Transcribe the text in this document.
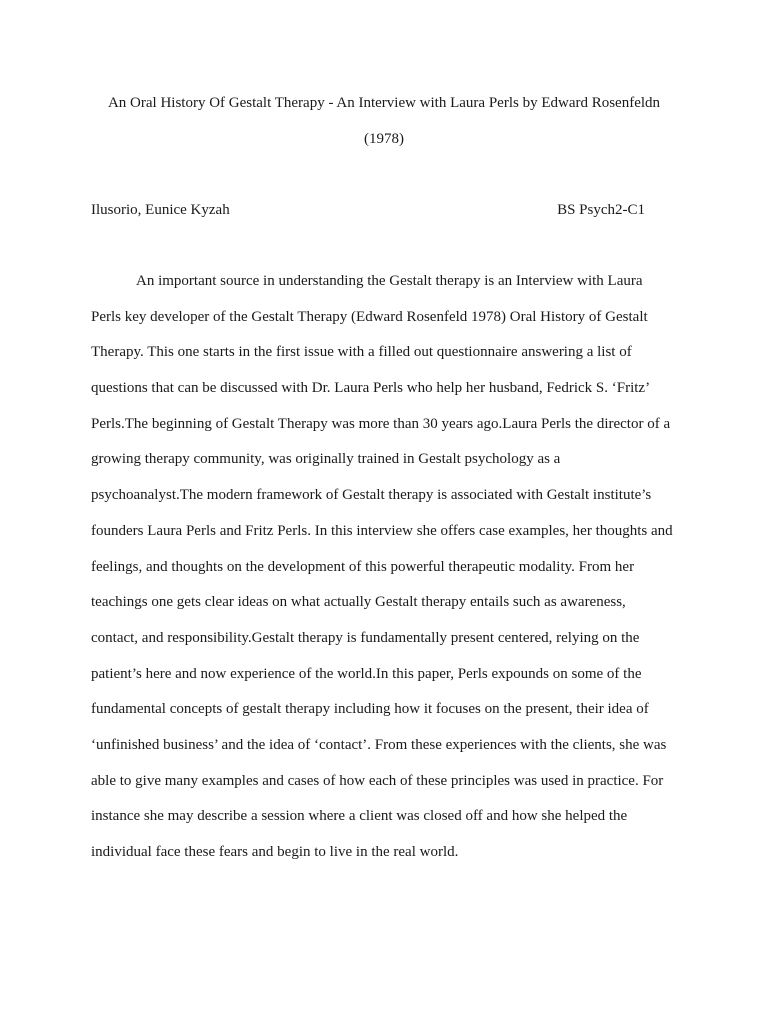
An Oral History Of Gestalt Therapy - An Interview with Laura Perls by Edward Rosenfeldn
(1978)
Ilusorio, Eunice Kyzah	BS Psych2-C1
An important source in understanding the Gestalt therapy is an Interview with Laura
Perls key developer of the Gestalt Therapy (Edward Rosenfeld 1978) Oral History of Gestalt
Therapy. This one starts in the first issue with a filled out questionnaire answering a list of
questions that can be discussed with Dr. Laura Perls who help her husband, Fedrick S. ‘Fritz’
Perls.The beginning of Gestalt Therapy was more than 30 years ago.Laura Perls the director of a
growing therapy community, was originally trained in Gestalt psychology as a
psychoanalyst.The modern framework of Gestalt therapy is associated with Gestalt institute’s
founders Laura Perls and Fritz Perls. In this interview she offers case examples, her thoughts and
feelings, and thoughts on the development of this powerful therapeutic modality. From her
teachings one gets clear ideas on what actually Gestalt therapy entails such as awareness,
contact, and responsibility.Gestalt therapy is fundamentally present centered, relying on the
patient’s here and now experience of the world.In this paper, Perls expounds on some of the
fundamental concepts of gestalt therapy including how it focuses on the present, their idea of
‘unfinished business’ and the idea of ‘contact’. From these experiences with the clients, she was
able to give many examples and cases of how each of these principles was used in practice. For
instance she may describe a session where a client was closed off and how she helped the
individual face these fears and begin to live in the real world.
